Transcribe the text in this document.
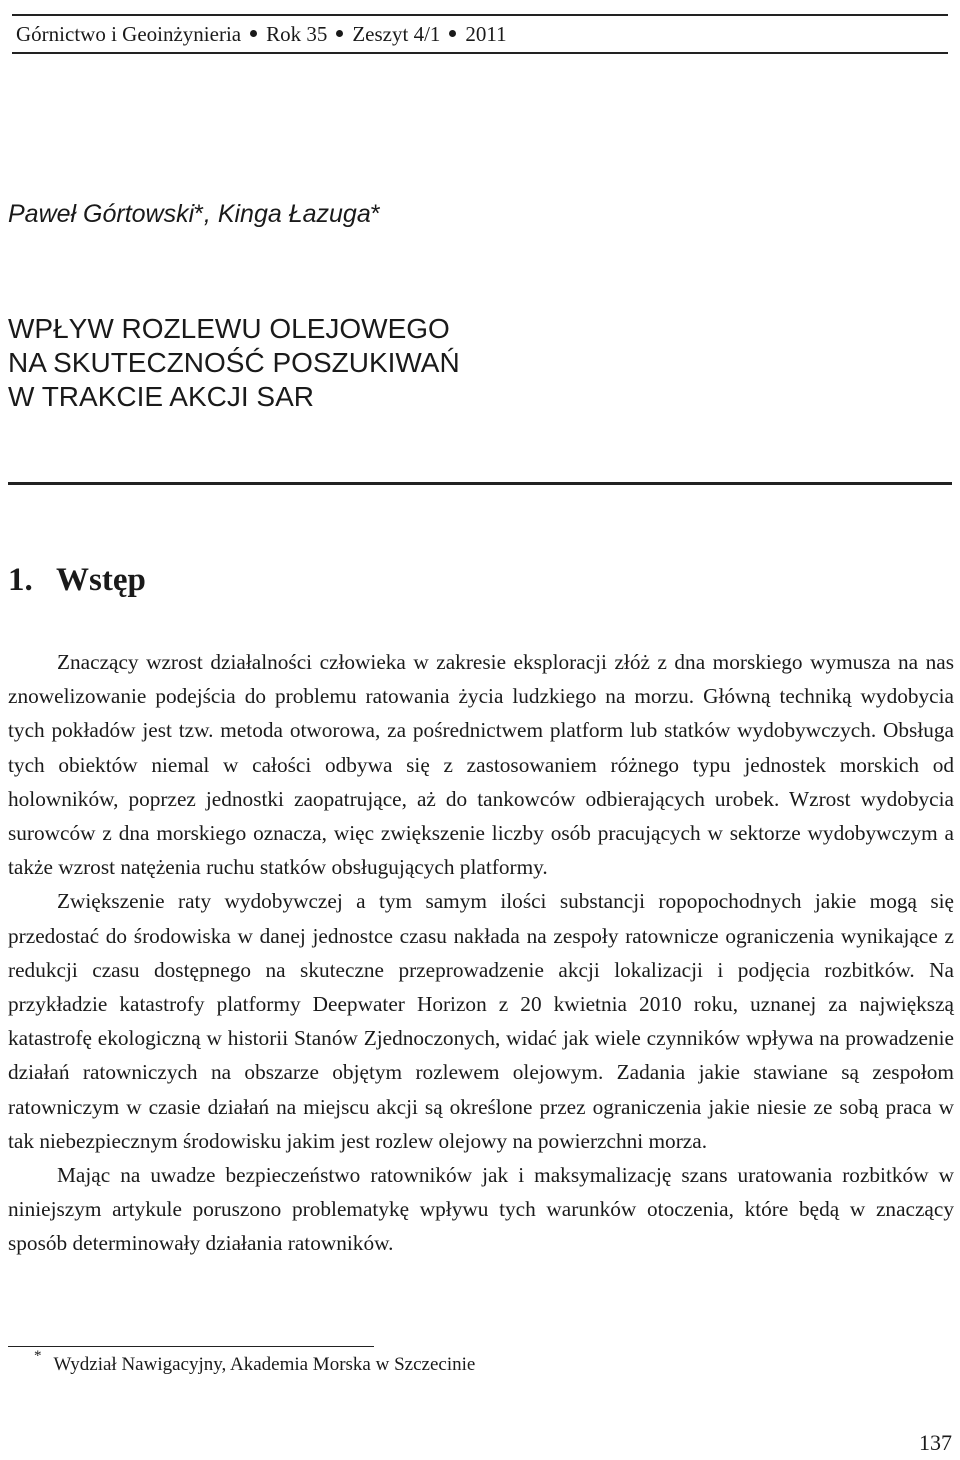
Górnictwo i Geoinżynieria Rok 35 Zeszyt 4/1 2011
Paweł Górtowski*, Kinga Łazuga*
WPŁYW ROZLEWU OLEJOWEGO
NA SKUTECZNOŚĆ POSZUKIWAŃ
W TRAKCIE AKCJI SAR
1. Wstęp

Znaczący wzrost działalności człowieka w zakresie eksploracji złóż z dna morskiego wymusza na nas znowelizowanie podejścia do problemu ratowania życia ludzkiego na morzu. Główną techniką wydobycia tych pokładów jest tzw. metoda otworowa, za pośrednictwem platform lub statków wydobywczych. Obsługa tych obiektów niemal w całości odbywa się z zastosowaniem różnego typu jednostek morskich od holowników, poprzez jednostki zaopatrujące, aż do tankowców odbierających urobek. Wzrost wydobycia surowców z dna morskiego oznacza, więc zwiększenie liczby osób pracujących w sektorze wydobywczym a także wzrost natężenia ruchu statków obsługujących platformy.

Zwiększenie raty wydobywczej a tym samym ilości substancji ropopochodnych jakie mogą się przedostać do środowiska w danej jednostce czasu nakłada na zespoły ratownicze ograniczenia wynikające z redukcji czasu dostępnego na skuteczne przeprowadzenie akcji lokalizacji i podjęcia rozbitków. Na przykładzie katastrofy platformy Deepwater Horizon z 20 kwietnia 2010 roku, uznanej za największą katastrofę ekologiczną w historii Stanów Zjednoczonych, widać jak wiele czynników wpływa na prowadzenie działań ratowniczych na obszarze objętym rozlewem olejowym. Zadania jakie stawiane są zespołom ratowniczym w czasie działań na miejscu akcji są określone przez ograniczenia jakie niesie ze sobą praca w tak niebezpiecznym środowisku jakim jest rozlew olejowy na powierzchni morza.

Mając na uwadze bezpieczeństwo ratowników jak i maksymalizację szans uratowania rozbitków w niniejszym artykule poruszono problematykę wpływu tych warunków otoczenia, które będą w znaczący sposób determinowały działania ratowników.

* Wydział Nawigacyjny, Akademia Morska w Szczecinie
137
